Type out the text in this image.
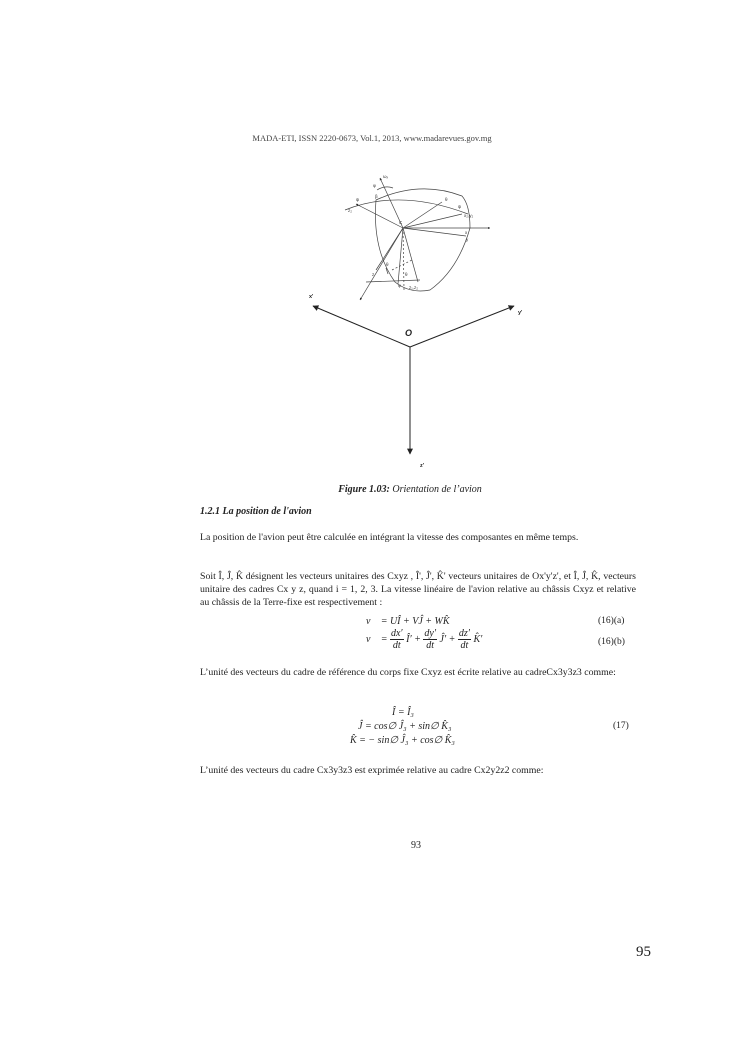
MADA-ETI, ISSN 2220-0673, Vol.1, 2013, www.madarevues.gov.mg
ωₓ
φ
β
ψ
z₂
θ
ψ
x₂,y₂
x
y
C
z
θ
θ
φ z₁,z₂
O
x'
y'
z'
Figure 1.03: Orientation de l’avion
1.2.1 La position de l'avion
La position de l'avion peut être calculée en intégrant la vitesse des composantes en même temps.
Soit Î, Ĵ, K̂ désignent les vecteurs unitaires des Cxyz , Î', Ĵ', K̂' vecteurs unitaires de Ox'y'z', et Î, Ĵ, K̂, vecteurs unitaire des cadres Cx y z, quand i = 1, 2, 3. La vitesse linéaire de l'avion relative au châssis Cxyz et relative au châssis de la Terre-fixe est respectivement :
v⃗ = UÎ + VĴ + WK̂	(16)(a)
v⃗ = $\frac{dx'}{dt}$ Î′ + $\frac{dy'}{dt}$ Ĵ′ + $\frac{dz'}{dt}$ K̂′	(16)(b)
L’unité des vecteurs du cadre de référence du corps fixe Cxyz est écrite relative au cadreCx3y3z3 comme:
Î = Î₃
Ĵ = cos∅ Ĵ₃ + sin∅ K̂₃
K̂ = − sin∅ Ĵ₃ + cos∅ K̂₃
(17)
L’unité des vecteurs du cadre Cx3y3z3 est exprimée relative au cadre Cx2y2z2 comme:
93
95
